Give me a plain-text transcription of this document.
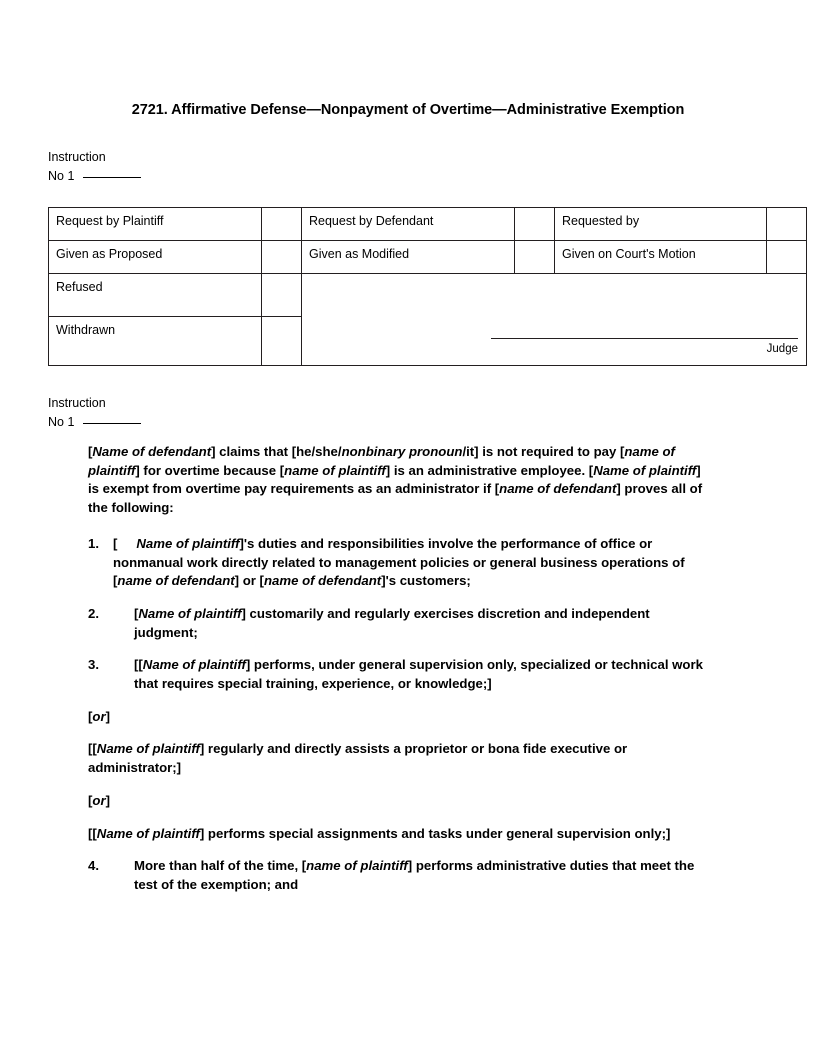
2721. Affirmative Defense—Nonpayment of Overtime—Administrative Exemption
Instruction
No 1
Request by Plaintiff		Request by Defendant		Requested by	
Given as Proposed		Given as Modified		Given on Court's Motion	
Refused		Judge			

Withdrawn					
Instruction
No 1

[Name of defendant] claims that [he/she/nonbinary pronoun/it] is not required to pay [name of plaintiff] for overtime because [name of plaintiff] is an administrative employee. [Name of plaintiff] is exempt from overtime pay requirements as an administrator if [name of defendant] proves all of the following:

1.	[ Name of plaintiff]'s duties and responsibilities involve the performance of office or nonmanual work directly related to management policies or general business operations of [name of defendant] or [name of defendant]'s customers;
2.	[Name of plaintiff] customarily and regularly exercises discretion and independent judgment;
3.	[[Name of plaintiff] performs, under general supervision only, specialized or technical work that requires special training, experience, or knowledge;]

[or]

[[Name of plaintiff] regularly and directly assists a proprietor or bona fide executive or administrator;]

[or]

[[Name of plaintiff] performs special assignments and tasks under general supervision only;]

4.	More than half of the time, [name of plaintiff] performs administrative duties that meet the test of the exemption; and
